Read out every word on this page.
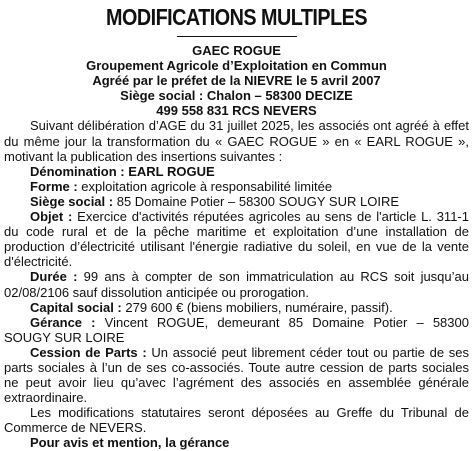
MODIFICATIONS MULTIPLES

GAEC ROGUE

Groupement Agricole d’Exploitation en Commun

Agréé par le préfet de la NIEVRE le 5 avril 2007

Siège social : Chalon – 58300 DECIZE

499 558 831 RCS NEVERS

Suivant délibération d’AGE du 31 juillet 2025, les associés ont agréé à effet du même jour la transformation du « GAEC ROGUE » en « EARL ROGUE », motivant la publication des insertions suivantes :

Dénomination : EARL ROGUE

Forme : exploitation agricole à responsabilité limitée

Siège social : 85 Domaine Potier – 58300 SOUGY SUR LOIRE

Objet : Exercice d'activités réputées agricoles au sens de l'article L. 311-1 du code rural et de la pêche maritime et exploitation d’une installation de production d’électricité utilisant l'énergie radiative du soleil, en vue de la vente d'électricité.

Durée : 99 ans à compter de son immatriculation au RCS soit jusqu’au 02/08/2106 sauf dissolution anticipée ou prorogation.

Capital social : 279 600 € (biens mobiliers, numéraire, passif).

Gérance : Vincent ROGUE, demeurant 85 Domaine Potier – 58300 SOUGY SUR LOIRE

Cession de Parts : Un associé peut librement céder tout ou partie de ses parts sociales à l’un de ses co-associés. Toute autre cession de parts sociales ne peut avoir lieu qu’avec l’agrément des associés en assemblée générale extraordinaire.

Les modifications statutaires seront déposées au Greffe du Tribunal de Commerce de NEVERS.

Pour avis et mention, la gérance
